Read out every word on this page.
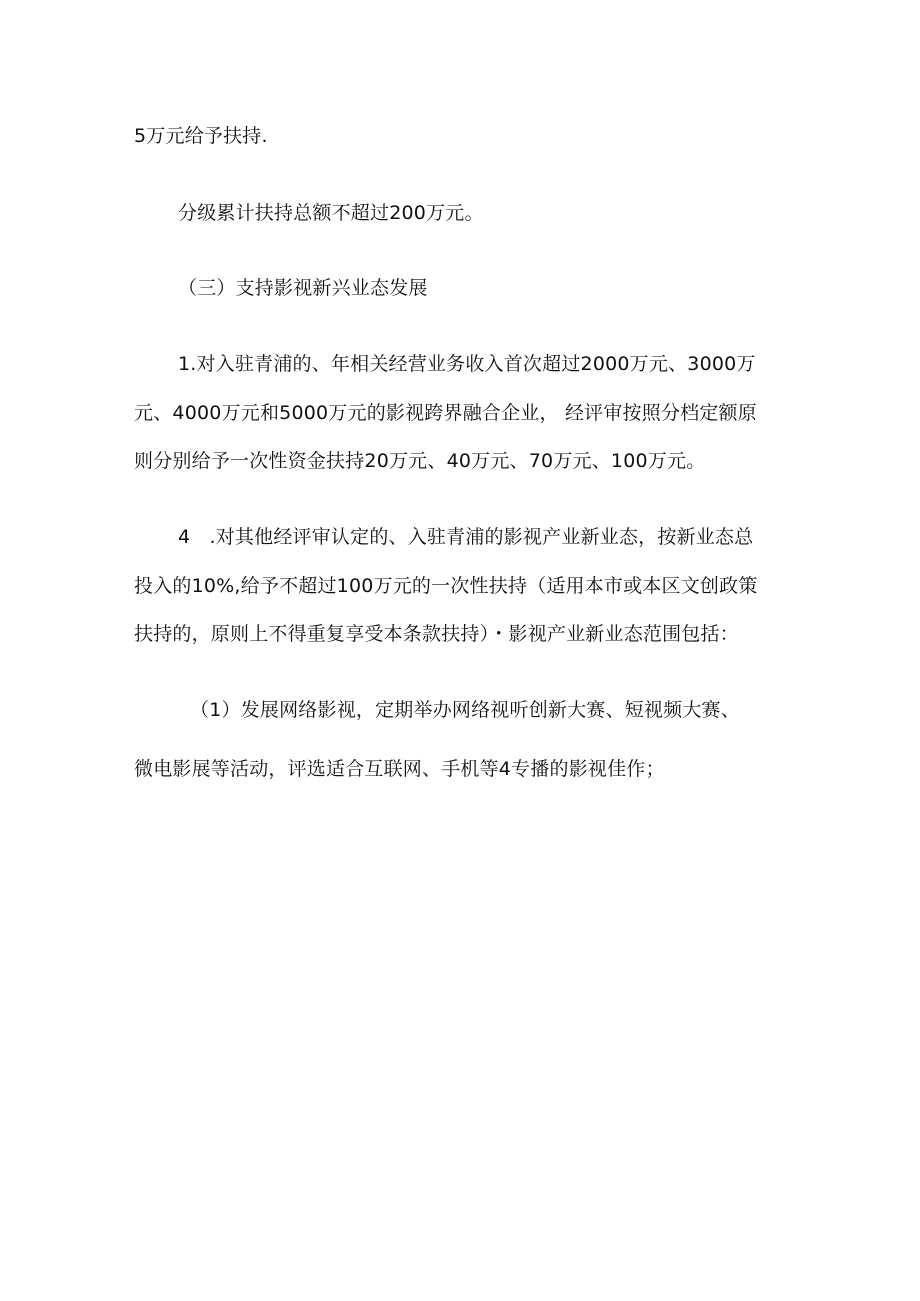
5万元给予扶持.
分级累计扶持总额不超过200万元。
（三）支持影视新兴业态发展
1.对入驻青浦的、年相关经营业务收入首次超过2000万元、3000万
元、4000万元和5000万元的影视跨界融合企业， 经评审按照分档定额原
则分别给予一次性资金扶持20万元、40万元、70万元、100万元。
4　.对其他经评审认定的、入驻青浦的影视产业新业态，按新业态总
投入的10%,给予不超过100万元的一次性扶持（适用本市或本区文创政策
扶持的，原则上不得重复享受本条款扶持）・影视产业新业态范围包括：
（1）发展网络影视，定期举办网络视听创新大赛、短视频大赛、
微电影展等活动，评选适合互联网、手机等4专播的影视佳作；
